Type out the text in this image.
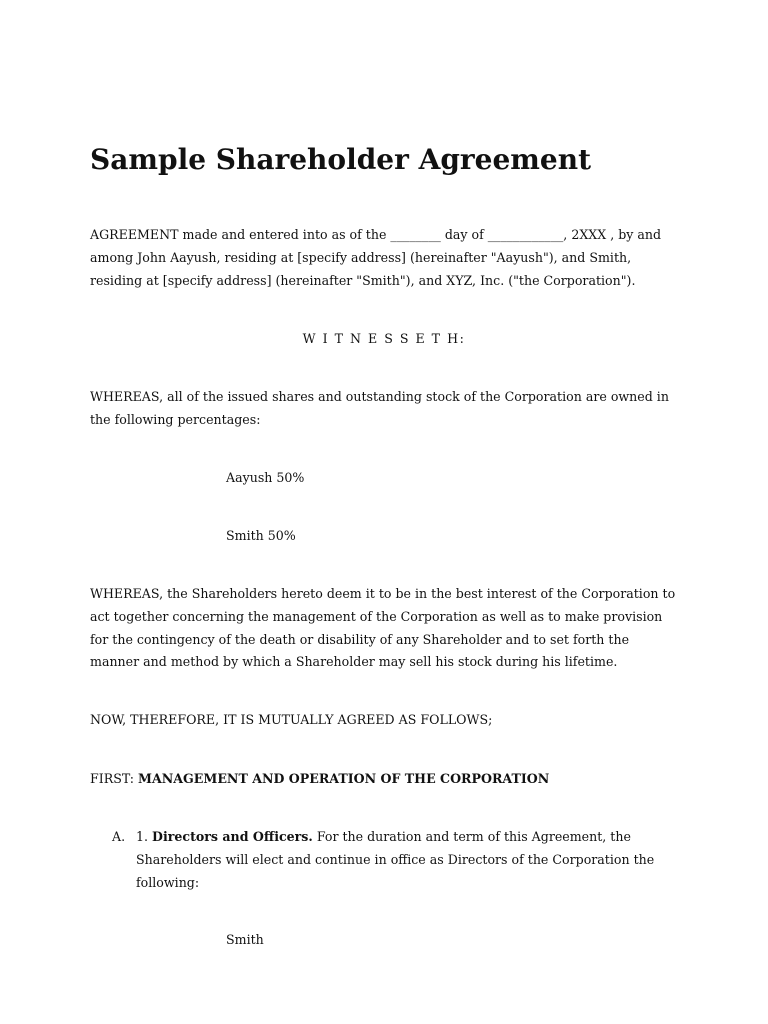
Sample Shareholder Agreement

AGREEMENT made and entered into as of the ________ day of ____________, 2XXX , by and among John Aayush, residing at [specify address] (hereinafter "Aayush"), and Smith, residing at [specify address] (hereinafter "Smith"), and XYZ, Inc. ("the Corporation").

W I T N E S S E T H:

WHEREAS, all of the issued shares and outstanding stock of the Corporation are owned in the following percentages:

Aayush 50%

Smith 50%

WHEREAS, the Shareholders hereto deem it to be in the best interest of the Corporation to act together concerning the management of the Corporation as well as to make provision for the contingency of the death or disability of any Shareholder and to set forth the manner and method by which a Shareholder may sell his stock during his lifetime.

NOW, THEREFORE, IT IS MUTUALLY AGREED AS FOLLOWS;

FIRST: MANAGEMENT AND OPERATION OF THE CORPORATION

A. 1. Directors and Officers. For the duration and term of this Agreement, the Shareholders will elect and continue in office as Directors of the Corporation the following:

Smith
